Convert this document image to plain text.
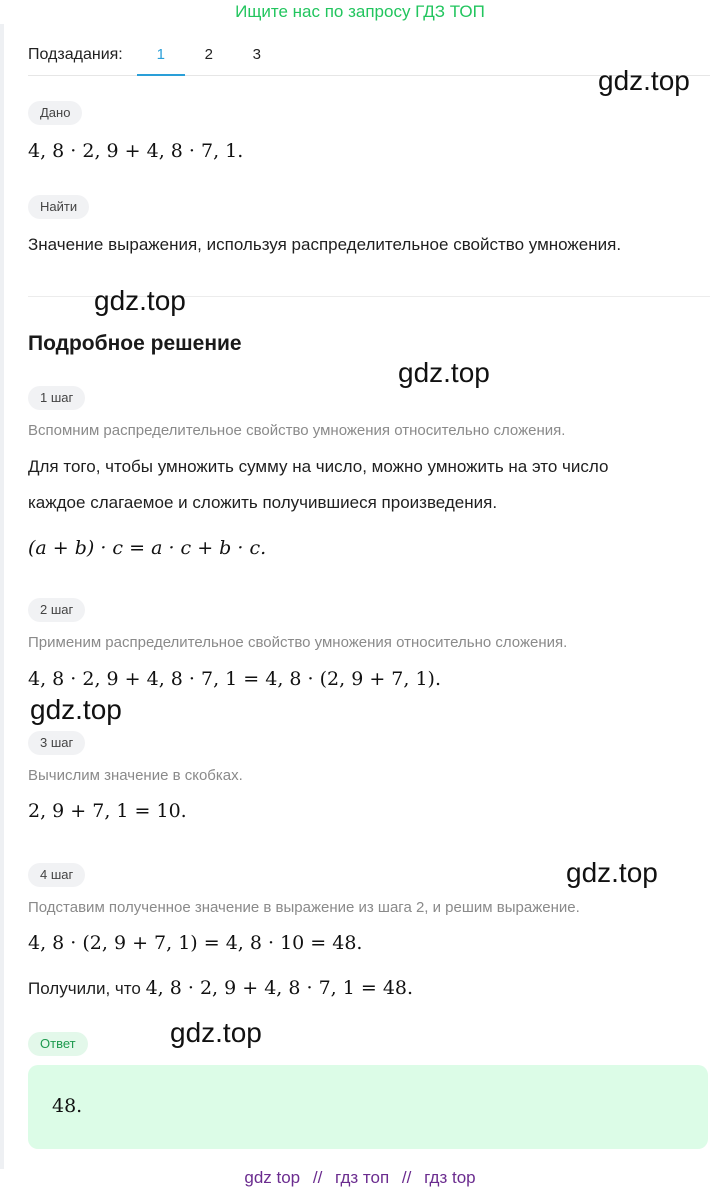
Ищите нас по запросу ГДЗ ТОП
Подзадания:	1	2	3
Дано
4, 8 · 2, 9 + 4, 8 · 7, 1.
Найти
Значение выражения, используя распределительное свойство умножения.
Подробное решение
1 шаг
Вспомним распределительное свойство умножения относительно сложения.
Для того, чтобы умножить сумму на число, можно умножить на это число
каждое слагаемое и сложить получившиеся произведения.
(a + b) · c = a · c + b · c.
2 шаг
Применим распределительное свойство умножения относительно сложения.
4, 8 · 2, 9 + 4, 8 · 7, 1 = 4, 8 · (2, 9 + 7, 1).
3 шаг
Вычислим значение в скобках.
2, 9 + 7, 1 = 10.
4 шаг
Подставим полученное значение в выражение из шага 2, и решим выражение.
4, 8 · (2, 9 + 7, 1) = 4, 8 · 10 = 48.
Получили, что 4, 8 · 2, 9 + 4, 8 · 7, 1 = 48.
Ответ
48.
gdz.top
gdz.top
gdz.top
gdz.top
gdz.top
gdz.top
gdz top // гдз топ // гдз top
